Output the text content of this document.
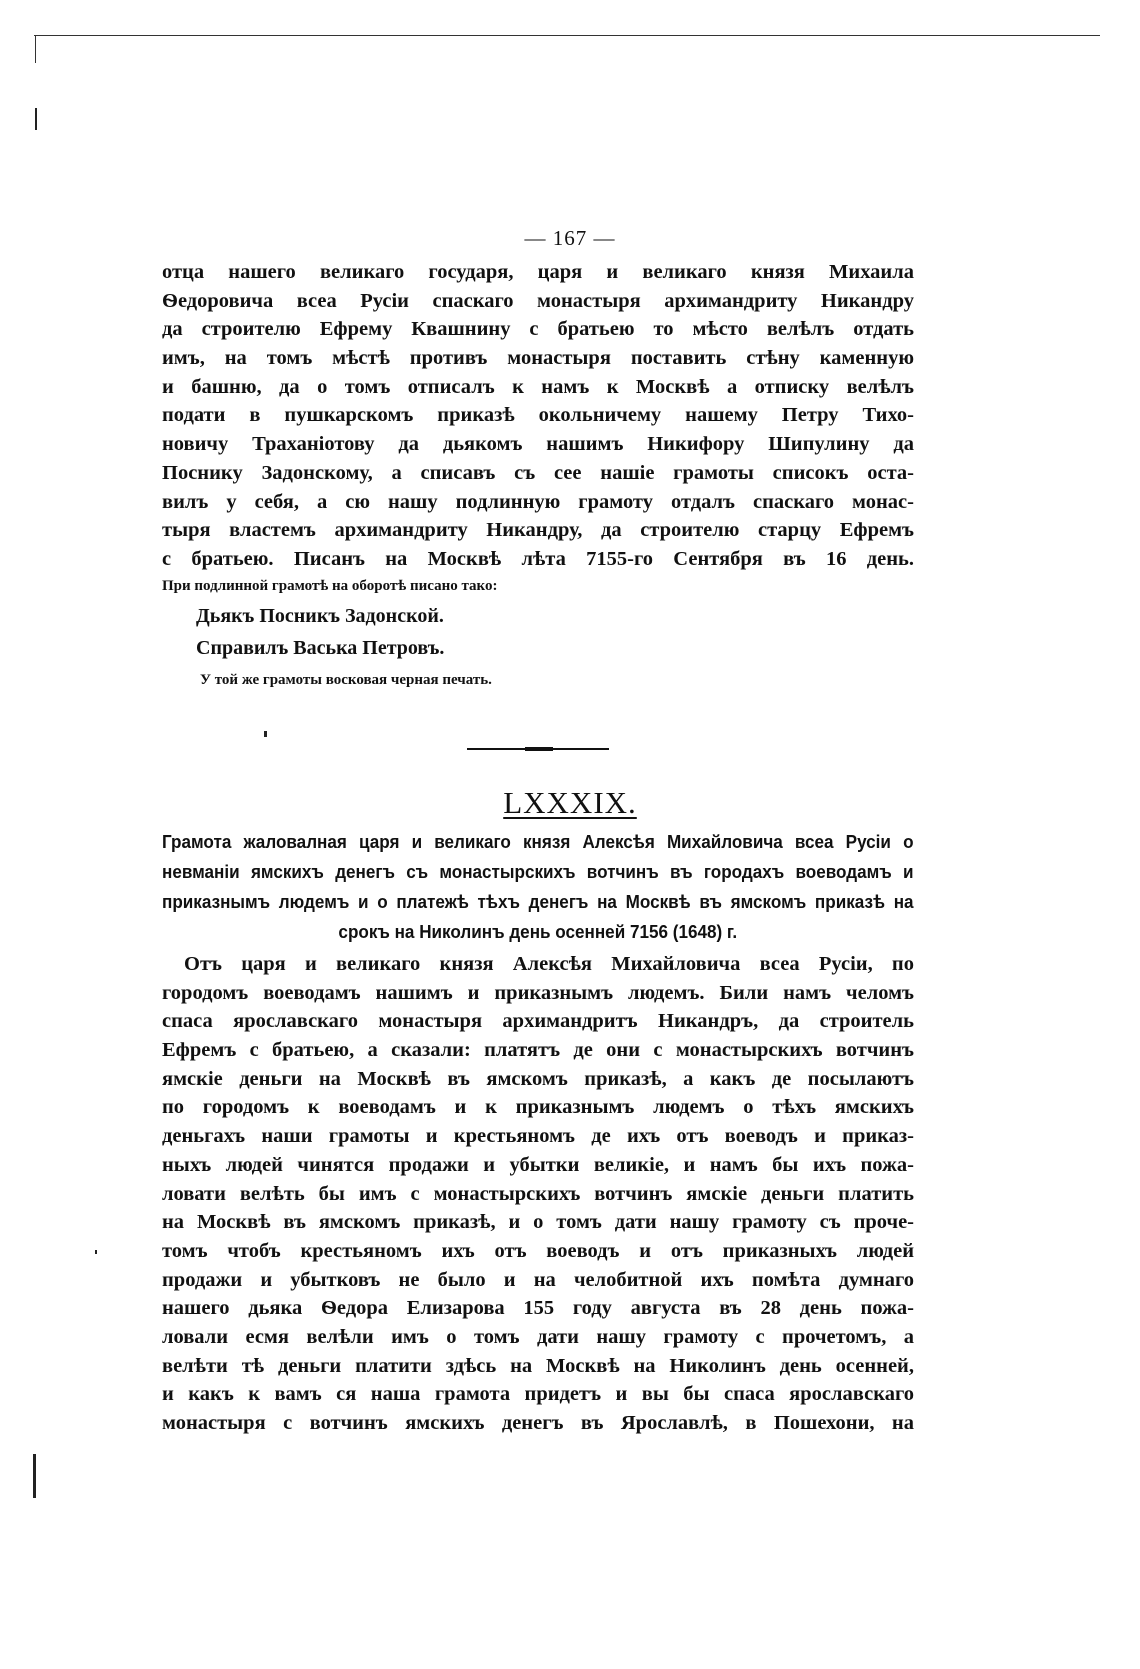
— 167 —
отца нашего великаго государя, царя и великаго князя Михаила
Ѳедоровича всеа Русіи спаскаго монастыря архимандриту Никандру
да строителю Ефрему Квашнину с братьею то мѣсто велѣлъ отдать
имъ, на томъ мѣстѣ противъ монастыря поставить стѣну каменную
и башню, да о томъ отписалъ к намъ к Москвѣ а отписку велѣлъ
подати в пушкарскомъ приказѣ окольничему нашему Петру Тихо-
новичу Траханіотову да дьякомъ нашимъ Никифору Шипулину да
Поснику Задонскому, а списавъ съ сее нашіе грамоты списокъ оста-
вилъ у себя, а сю нашу подлинную грамоту отдалъ спаскаго монас-
тыря властемъ архимандриту Никандру, да строителю старцу Ефремъ
с братьею. Писанъ на Москвѣ лѣта 7155-го Сентября въ 16 день.
При подлинной грамотѣ на оборотѣ писано тако:
Дьякъ Посникъ Задонской.
Справилъ Васька Петровъ.
У той же грамоты восковая черная печать.
LXXXIX.
Грамота жаловалная царя и великаго князя Алексѣя Михайловича всеа Русіи о
невманіи ямскихъ денегъ съ монастырскихъ вотчинъ въ городахъ воеводамъ и
приказнымъ людемъ и о платежѣ тѣхъ денегъ на Москвѣ въ ямскомъ приказѣ на
срокъ на Николинъ день осенней 7156 (1648) г.
Отъ царя и великаго князя Алексѣя Михайловича всеа Русіи, по
городомъ воеводамъ нашимъ и приказнымъ людемъ. Били намъ челомъ
спаса ярославскаго монастыря архимандритъ Никандръ, да строитель
Ефремъ с братьею, а сказали: платятъ де они с монастырскихъ вотчинъ
ямскіе деньги на Москвѣ въ ямскомъ приказѣ, а какъ де посылаютъ
по городомъ к воеводамъ и к приказнымъ людемъ о тѣхъ ямскихъ
деньгахъ наши грамоты и крестьяномъ де ихъ отъ воеводъ и приказ-
ныхъ людей чинятся продажи и убытки великіе, и намъ бы ихъ пожа-
ловати велѣть бы имъ с монастырскихъ вотчинъ ямскіе деньги платить
на Москвѣ въ ямскомъ приказѣ, и о томъ дати нашу грамоту съ проче-
томъ чтобъ крестьяномъ ихъ отъ воеводъ и отъ приказныхъ людей
продажи и убытковъ не было и на челобитной ихъ помѣта думнаго
нашего дьяка Ѳедора Елизарова 155 году августа въ 28 день пожа-
ловали есмя велѣли имъ о томъ дати нашу грамоту с прочетомъ, а
велѣти тѣ деньги платити здѣсь на Москвѣ на Николинъ день осенней,
и какъ к вамъ ся наша грамота придетъ и вы бы спаса ярославскаго
монастыря с вотчинъ ямскихъ денегъ въ Ярославлѣ, в Пошехони, на
